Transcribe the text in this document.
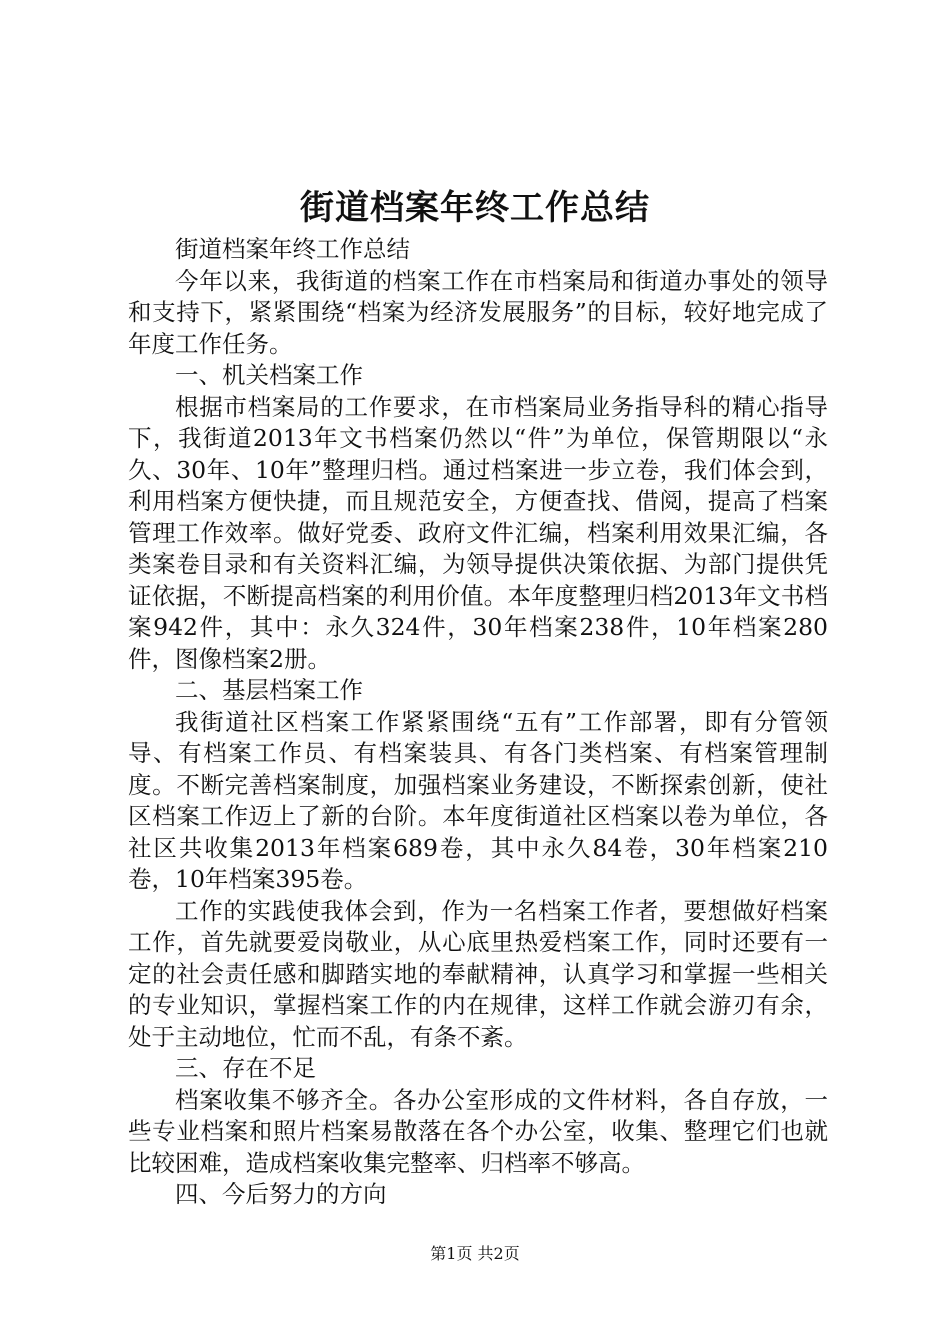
街道档案年终工作总结

街道档案年终工作总结

今年以来，我街道的档案工作在市档案局和街道办事处的领导和支持下，紧紧围绕“档案为经济发展服务”的目标，较好地完成了年度工作任务。

一、机关档案工作

根据市档案局的工作要求，在市档案局业务指导科的精心指导下，我街道2013年文书档案仍然以“件”为单位，保管期限以“永久、30年、10年”整理归档。通过档案进一步立卷，我们体会到，利用档案方便快捷，而且规范安全，方便查找、借阅，提高了档案管理工作效率。做好党委、政府文件汇编，档案利用效果汇编，各类案卷目录和有关资料汇编，为领导提供决策依据、为部门提供凭证依据，不断提高档案的利用价值。本年度整理归档2013年文书档案942件，其中：永久324件，30年档案238件，10年档案280件，图像档案2册。

二、基层档案工作

我街道社区档案工作紧紧围绕“五有”工作部署，即有分管领导、有档案工作员、有档案装具、有各门类档案、有档案管理制度。不断完善档案制度，加强档案业务建设，不断探索创新，使社区档案工作迈上了新的台阶。本年度街道社区档案以卷为单位，各社区共收集2013年档案689卷，其中永久84卷，30年档案210卷，10年档案395卷。

工作的实践使我体会到，作为一名档案工作者，要想做好档案工作，首先就要爱岗敬业，从心底里热爱档案工作，同时还要有一定的社会责任感和脚踏实地的奉献精神，认真学习和掌握一些相关的专业知识，掌握档案工作的内在规律，这样工作就会游刃有余，处于主动地位，忙而不乱，有条不紊。

三、存在不足

档案收集不够齐全。各办公室形成的文件材料，各自存放，一些专业档案和照片档案易散落在各个办公室，收集、整理它们也就比较困难，造成档案收集完整率、归档率不够高。

四、今后努力的方向

第1页 共2页
